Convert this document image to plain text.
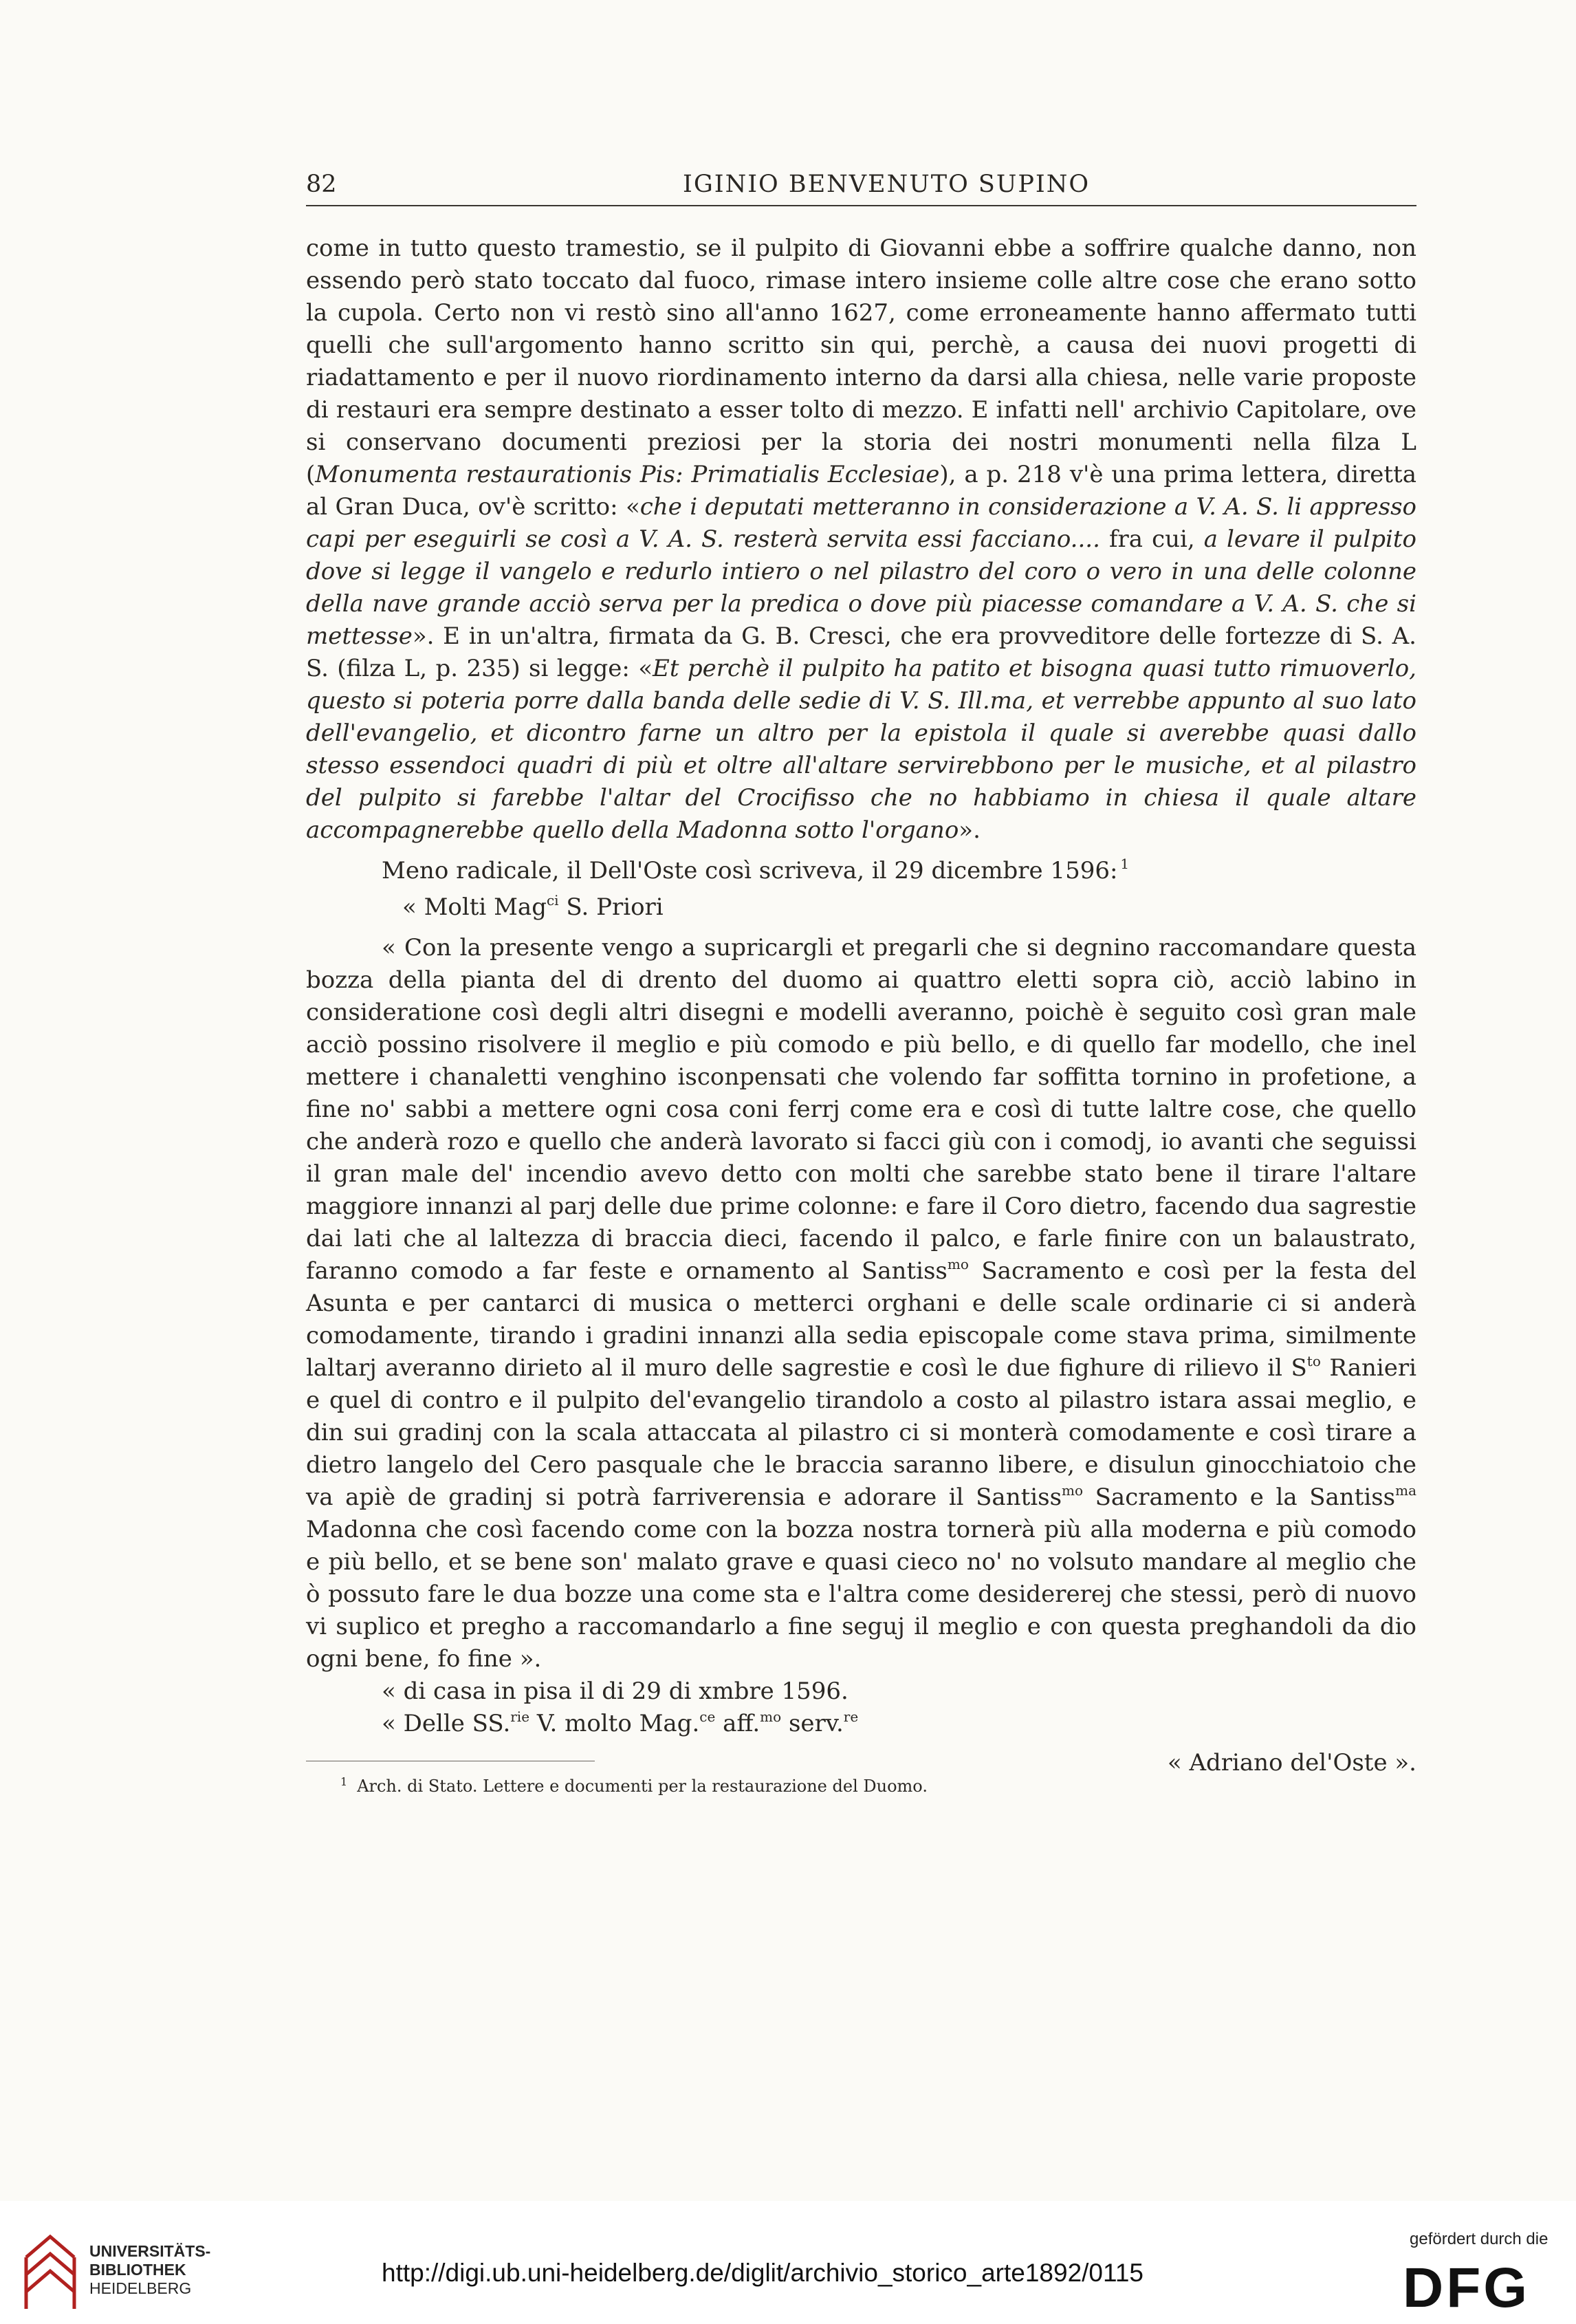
82	IGINIO BENVENUTO SUPINO

come in tutto questo tramestio, se il pulpito di Giovanni ebbe a soffrire qualche danno, non essendo però stato toccato dal fuoco, rimase intero insieme colle altre cose che erano sotto la cupola. Certo non vi restò sino all'anno 1627, come erroneamente hanno affermato tutti quelli che sull'argomento hanno scritto sin qui, perchè, a causa dei nuovi progetti di riadattamento e per il nuovo riordinamento interno da darsi alla chiesa, nelle varie proposte di restauri era sempre destinato a esser tolto di mezzo. E infatti nell' archivio Capitolare, ove si conservano documenti preziosi per la storia dei nostri monumenti nella filza L (Monumenta restaurationis Pis: Primatialis Ecclesiae), a p. 218 v'è una prima lettera, diretta al Gran Duca, ov'è scritto: «che i deputati metteranno in considerazione a V. A. S. li appresso capi per eseguirli se così a V. A. S. resterà servita essi facciano.... fra cui, a levare il pulpito dove si legge il vangelo e redurlo intiero o nel pilastro del coro o vero in una delle colonne della nave grande acciò serva per la predica o dove più piacesse comandare a V. A. S. che si mettesse». E in un'altra, firmata da G. B. Cresci, che era provveditore delle fortezze di S. A. S. (filza L, p. 235) si legge: «Et perchè il pulpito ha patito et bisogna quasi tutto rimuoverlo, questo si poteria porre dalla banda delle sedie di V. S. Ill.ma, et verrebbe appunto al suo lato dell'evangelio, et dicontro farne un altro per la epistola il quale si averebbe quasi dallo stesso essendoci quadri di più et oltre all'altare servirebbono per le musiche, et al pilastro del pulpito si farebbe l'altar del Crocifisso che no habbiamo in chiesa il quale altare accompagnerebbe quello della Madonna sotto l'organo».

Meno radicale, il Dell'Oste così scriveva, il 29 dicembre 1596: $^1$

« Molti Mag$^{ci}$ S. Priori

« Con la presente vengo a supricargli et pregarli che si degnino raccomandare questa bozza della pianta del di drento del duomo ai quattro eletti sopra ciò, acciò labino in consideratione così degli altri disegni e modelli averanno, poichè è seguito così gran male acciò possino risolvere il meglio e più comodo e più bello, e di quello far modello, che inel mettere i chanaletti venghino isconpensati che volendo far soffitta tornino in profetione, a fine no' sabbi a mettere ogni cosa coni ferrj come era e così di tutte laltre cose, che quello che anderà rozo e quello che anderà lavorato si facci giù con i comodj, io avanti che seguissi il gran male del' incendio avevo detto con molti che sarebbe stato bene il tirare l'altare maggiore innanzi al parj delle due prime colonne: e fare il Coro dietro, facendo dua sagrestie dai lati che al laltezza di braccia dieci, facendo il palco, e farle finire con un balaustrato, faranno comodo a far feste e ornamento al Santiss$^{mo}$ Sacramento e così per la festa del Asunta e per cantarci di musica o metterci orghani e delle scale ordinarie ci si anderà comodamente, tirando i gradini innanzi alla sedia episcopale come stava prima, similmente laltarj averanno dirieto al il muro delle sagrestie e così le due fighure di rilievo il $S^{to}$ Ranieri e quel di contro e il pulpito del'evangelio tirandolo a costo al pilastro istara assai meglio, e din sui gradinj con la scala attaccata al pilastro ci si monterà comodamente e così tirare a dietro langelo del Cero pasquale che le braccia saranno libere, e disulun ginocchiatoio che va apiè de gradinj si potrà farriverensia e adorare il Santiss$^{mo}$ Sacramento e la Santiss$^{ma}$ Madonna che così facendo come con la bozza nostra tornerà più alla moderna e più comodo e più bello, et se bene son' malato grave e quasi cieco no' no volsuto mandare al meglio che ò possuto fare le dua bozze una come sta e l'altra come desidererej che stessi, però di nuovo vi suplico et pregho a raccomandarlo a fine seguj il meglio e con questa preghandoli da dio ogni bene, fo fine ».

« di casa in pisa il di 29 di xmbre 1596.

« Delle SS.$^{rie}$ V. molto Mag.$^{ce}$ aff.$^{mo}$ serv.$^{re}$

« Adriano del'Oste ».

$^1$ Arch. di Stato. Lettere e documenti per la restaurazione del Duomo.
UNIVERSITÄTS-
BIBLIOTHEK
HEIDELBERG
http://digi.ub.uni-heidelberg.de/diglit/archivio_storico_arte1892/0115
gefördert durch die
DFG
